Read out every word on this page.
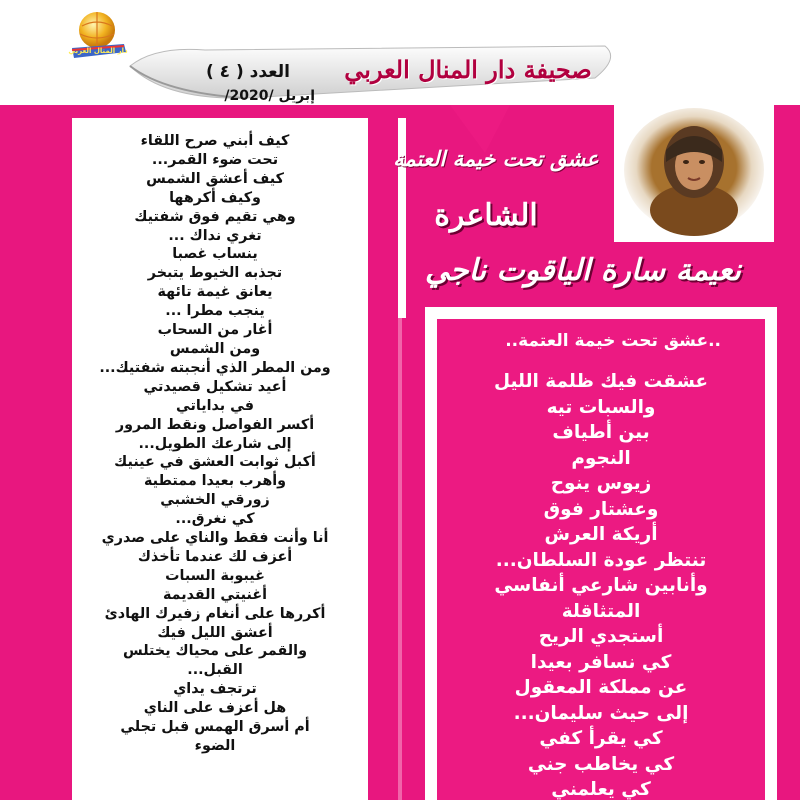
دار المنال العربي
صحيفة دار المنال العربي
العدد ( ٤ )
إبريل /2020/
كيف أبني صرح اللقاء
تحت ضوء القمر...
كيف أعشق الشمس
وكيف أكرهها
وهي تقيم فوق شفتيك
تغري نداك ...
ينساب غصبا
تجذبه الخيوط يتبخر
يعانق غيمة تائهة
ينجب مطرا ...
أغار من السحاب
ومن الشمس
ومن المطر الذي أنجبته شفتيك...
أعيد تشكيل قصيدتي
في بداياتي
أكسر الفواصل ونقط المرور
إلى شارعك الطويل...
أكبل ثوابت العشق في عينيك
وأهرب بعيدا ممتطية
زورقي الخشبي
كي نغرق...
أنا وأنت فقط والناي على صدري
أعزف لك عندما تأخذك
غيبوبة السبات
أغنيتي القديمة
أكررها على أنغام زفيرك الهادئ
أعشق الليل فيك
والقمر على محياك يختلس
القبل...
ترتجف يداي
هل أعزف على الناي
أم أسرق الهمس قبل تجلي
الضوء
عشق تحت خيمة العتمة
الشاعرة
نعيمة سارة الياقوت ناجي
..عشق تحت خيمة العتمة..
عشقت فيك ظلمة الليل
والسبات تيه
بين أطياف
النجوم
زيوس ينوح
وعشتار فوق
أريكة العرش
تنتظر عودة السلطان...
وأنابين شارعي أنفاسي
المتثاقلة
أستجدي الريح
كي نسافر بعيدا
عن مملكة المعقول
إلى حيث سليمان...
كي يقرأ كفي
كي يخاطب جني
كي يعلمني
